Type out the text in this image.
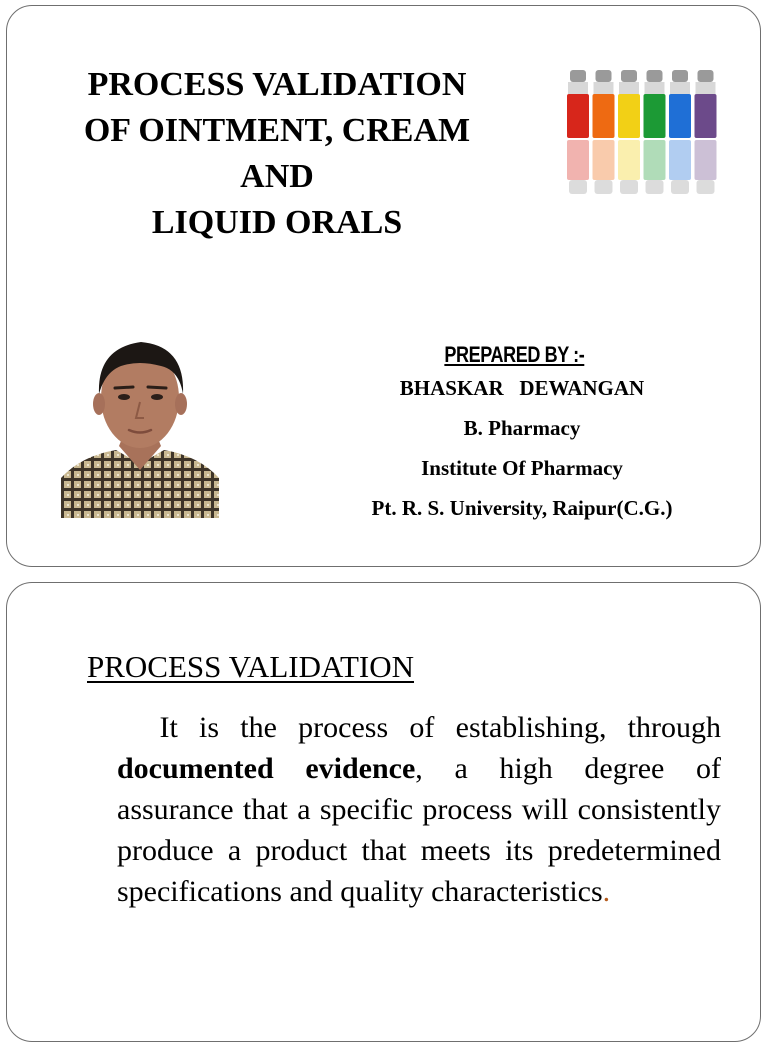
PROCESS VALIDATION
OF OINTMENT, CREAM
AND
LIQUID ORALS
PREPARED BY :-
BHASKAR   DEWANGAN
B. Pharmacy
Institute Of Pharmacy
Pt. R. S. University, Raipur(C.G.)
PROCESS VALIDATION

It is the process of establishing, through documented evidence, a high degree of assurance that a specific process will consistently produce a product that meets its predetermined specifications and quality characteristics.
